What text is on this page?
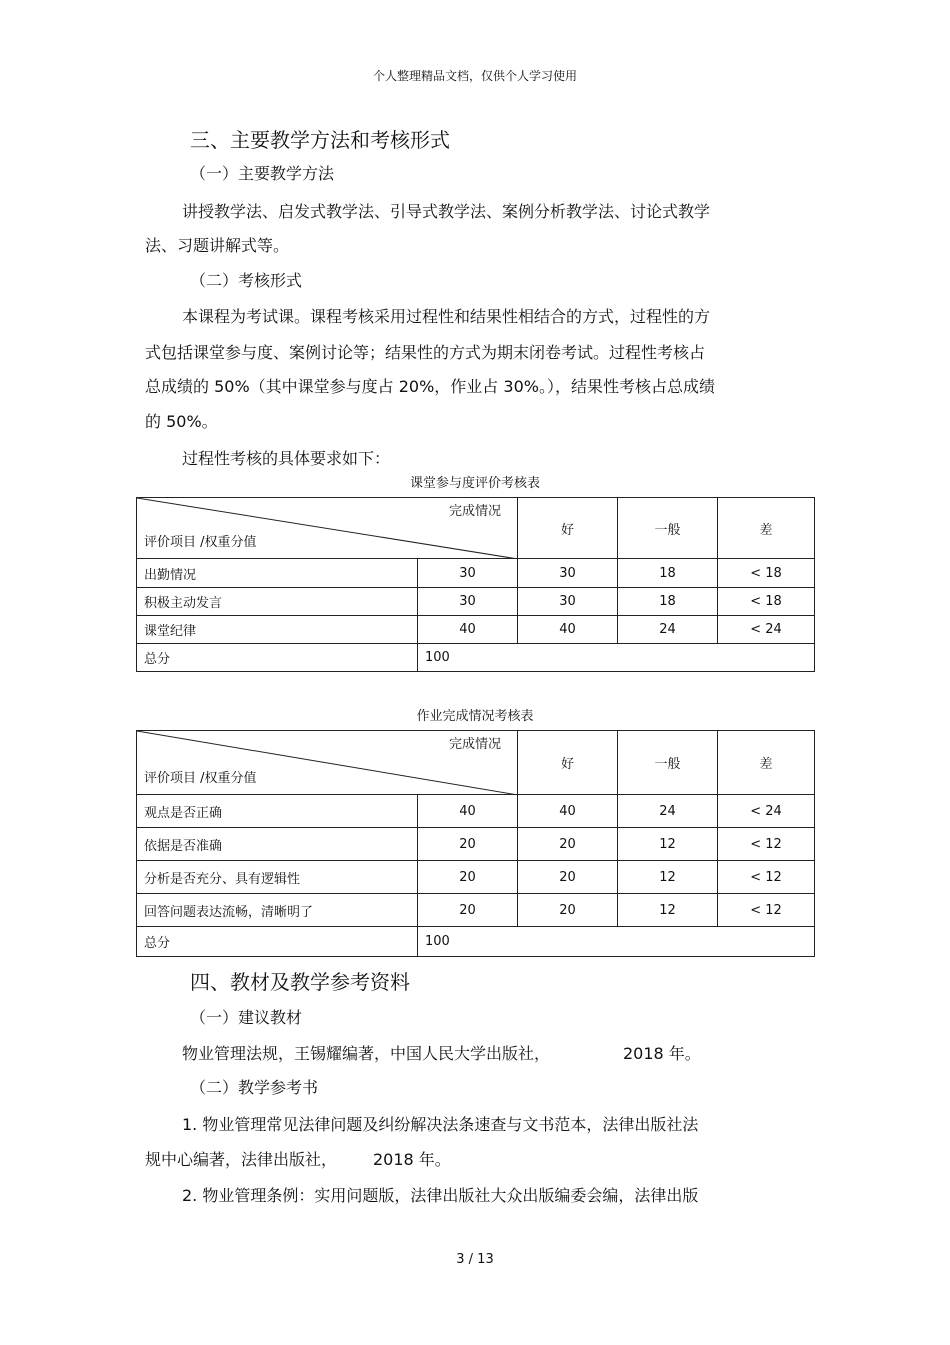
个人整理精品文档，仅供个人学习使用
三、主要教学方法和考核形式
（一）主要教学方法
讲授教学法、启发式教学法、引导式教学法、案例分析教学法、讨论式教学
法、习题讲解式等。
（二）考核形式
本课程为考试课。课程考核采用过程性和结果性相结合的方式，过程性的方
式包括课堂参与度、案例讨论等；结果性的方式为期末闭卷考试。过程性考核占
总成绩的 50%（其中课堂参与度占 20%，作业占 30%。），结果性考核占总成绩
的 50%。
过程性考核的具体要求如下：
课堂参与度评价考核表
完成情况
评价项目 /权重分值		好	一般	差
出勤情况	30	30	18	< 18
积极主动发言	30	30	18	< 18
课堂纪律	40	40	24	< 24
总分	100			
作业完成情况考核表
完成情况
评价项目 /权重分值		好	一般	差
观点是否正确	40	40	24	< 24
依据是否准确	20	20	12	< 12
分析是否充分、具有逻辑性	20	20	12	< 12
回答问题表达流畅，清晰明了	20	20	12	< 12
总分	100			
四、教材及教学参考资料
（一）建议教材
物业管理法规，王锡耀编著，中国人民大学出版社，	2018 年。
（二）教学参考书
1. 物业管理常见法律问题及纠纷解决法条速查与文书范本，法律出版社法
规中心编著，法律出版社， 2018 年。
2. 物业管理条例：实用问题版，法律出版社大众出版编委会编，法律出版
3 / 13
